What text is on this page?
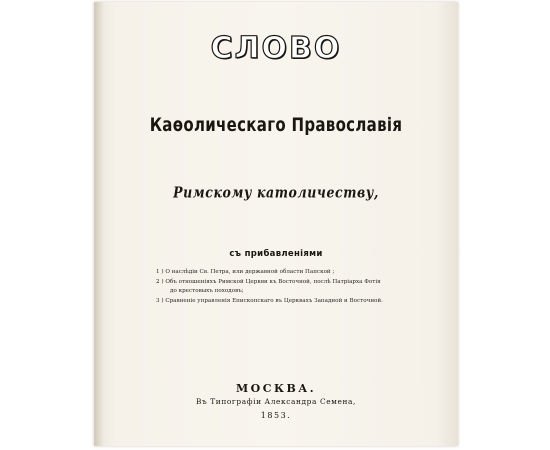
СЛОВО
Каѳолическаго Православія
Римскому католичеству,
съ прибавленіями
1 ) О наслѣдіи Св. Петра, или державной области Папской ;
2 ) Объ отношеніяхъ Римской Церкви къ Восточной, послѣ Патріарха Фотія
до крестовыхъ походовъ;
3 ) Сравненіе управленія Епископскаго въ Церквахъ Западной и Восточной.
МОСКВА.
Въ Типографіи Александра Семена,
1853.
